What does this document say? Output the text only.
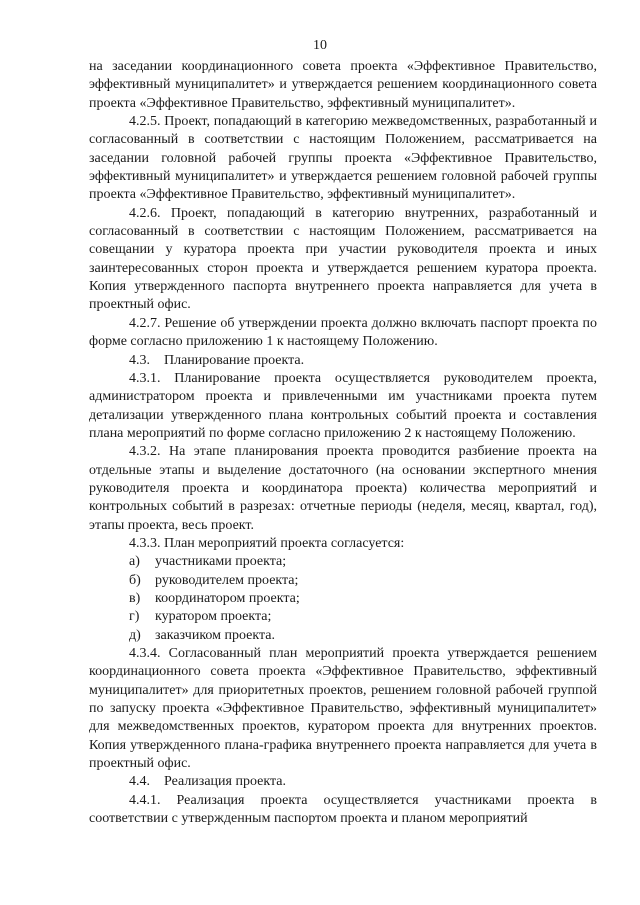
10

на заседании координационного совета проекта «Эффективное Правительство, эффективный муниципалитет» и утверждается решением координационного совета проекта «Эффективное Правительство, эффективный муниципалитет».

4.2.5. Проект, попадающий в категорию межведомственных, разработанный и согласованный в соответствии с настоящим Положением, рассматривается на заседании головной рабочей группы проекта «Эффективное Правительство, эффективный муниципалитет» и утверждается решением головной рабочей группы проекта «Эффективное Правительство, эффективный муниципалитет».

4.2.6. Проект, попадающий в категорию внутренних, разработанный и согласованный в соответствии с настоящим Положением, рассматривается на совещании у куратора проекта при участии руководителя проекта и иных заинтересованных сторон проекта и утверждается решением куратора проекта. Копия утвержденного паспорта внутреннего проекта направляется для учета в проектный офис.

4.2.7. Решение об утверждении проекта должно включать паспорт проекта по форме согласно приложению 1 к настоящему Положению.

4.3.    Планирование проекта.

4.3.1. Планирование проекта осуществляется руководителем проекта, администратором проекта и привлеченными им участниками проекта путем детализации утвержденного плана контрольных событий проекта и составления плана мероприятий по форме согласно приложению 2 к настоящему Положению.

4.3.2. На этапе планирования проекта проводится разбиение проекта на отдельные этапы и выделение достаточного (на основании экспертного мнения руководителя проекта и координатора проекта) количества мероприятий и контрольных событий в разрезах: отчетные периоды (неделя, месяц, квартал, год), этапы проекта, весь проект.

4.3.3. План мероприятий проекта согласуется:

а) участниками проекта;
б) руководителем проекта;
в) координатором проекта;
г) куратором проекта;
д) заказчиком проекта.

4.3.4. Согласованный план мероприятий проекта утверждается решением координационного совета проекта «Эффективное Правительство, эффективный муниципалитет» для приоритетных проектов, решением головной рабочей группой по запуску проекта «Эффективное Правительство, эффективный муниципалитет» для межведомственных проектов, куратором проекта для внутренних проектов. Копия утвержденного плана-графика внутреннего проекта направляется для учета в проектный офис.

4.4.    Реализация проекта.

4.4.1. Реализация проекта осуществляется участниками проекта в соответствии с утвержденным паспортом проекта и планом мероприятий
